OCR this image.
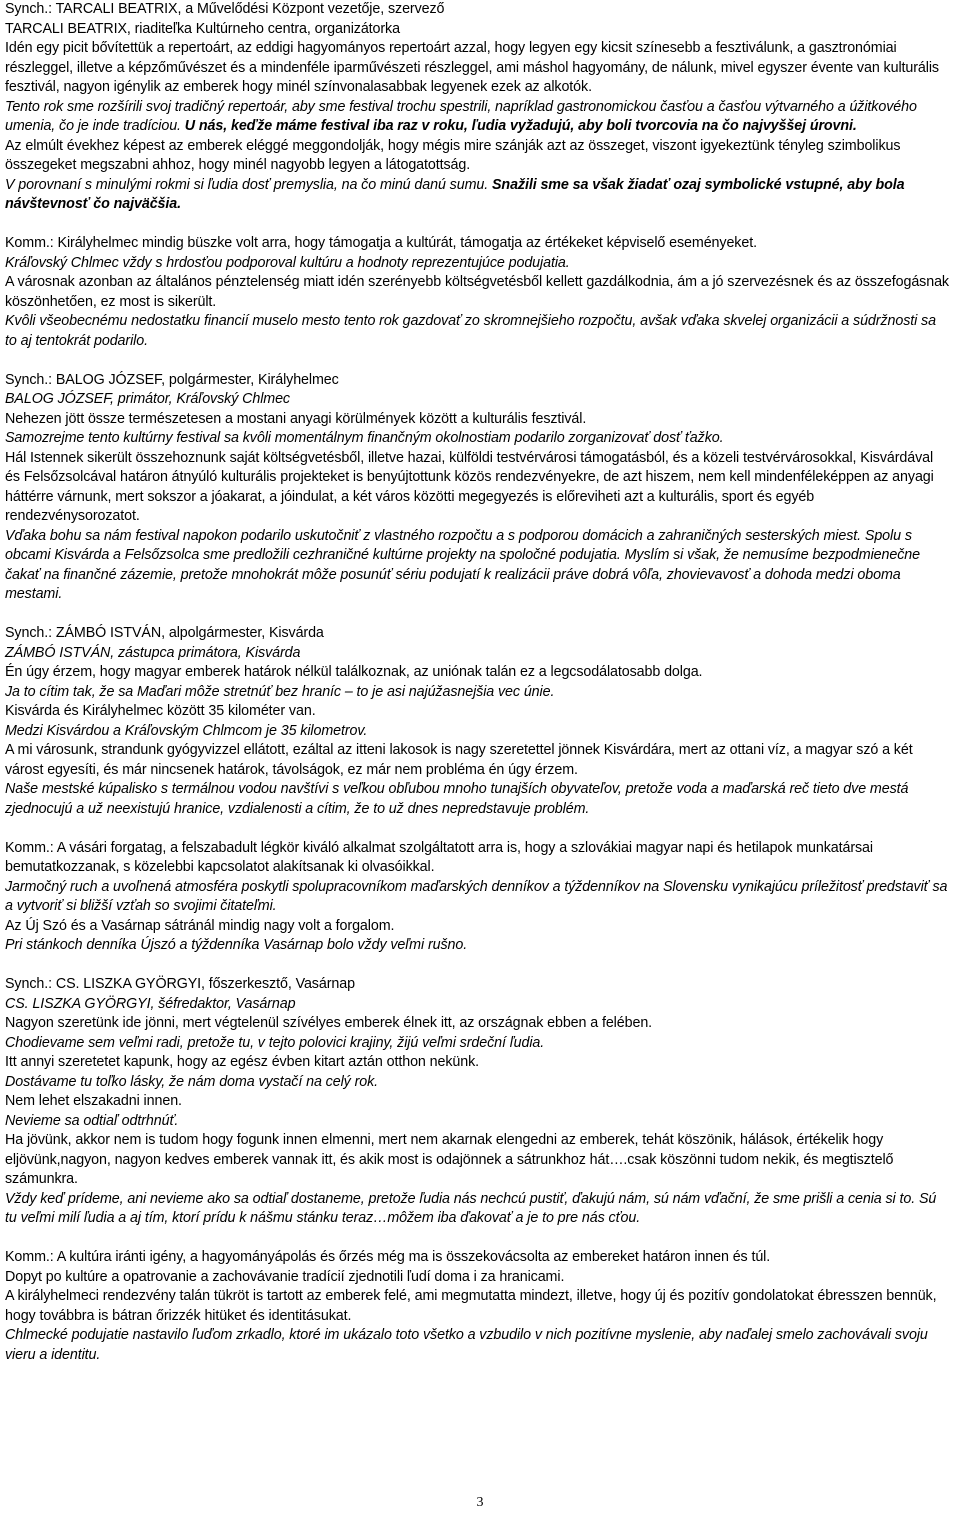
Synch.: TARCALI BEATRIX, a Művelődési Központ vezetője, szervező

TARCALI BEATRIX, riaditeľka Kultúrneho centra, organizátorka

Idén egy picit bővítettük a repertoárt, az eddigi hagyományos repertoárt azzal, hogy legyen egy kicsit színesebb a fesztiválunk, a gasztronómiai részleggel, illetve a képzőművészet és a mindenféle iparművészeti részleggel, ami máshol hagyomány, de nálunk, mivel egyszer évente van kulturális fesztivál, nagyon igénylik az emberek hogy minél színvonalasabbak legyenek ezek az alkotók.

Tento rok sme rozšírili svoj tradičný repertoár, aby sme festival trochu spestrili, napríklad gastronomickou časťou a časťou výtvarného a úžitkového umenia, čo je inde tradíciou. U nás, keďže máme festival iba raz v roku, ľudia vyžadujú, aby boli tvorcovia na čo najvyššej úrovni.

Az elmúlt évekhez képest az emberek eléggé meggondolják, hogy mégis mire szánják azt az összeget, viszont igyekeztünk tényleg szimbolikus összegeket megszabni ahhoz, hogy minél nagyobb legyen a látogatottság.

V porovnaní s minulými rokmi si ľudia dosť premyslia, na čo minú danú sumu. Snažili sme sa však žiadať ozaj symbolické vstupné, aby bola návštevnosť čo najväčšia.

Komm.: Királyhelmec mindig büszke volt arra, hogy támogatja a kultúrát, támogatja az értékeket képviselő eseményeket.

Kráľovský Chlmec vždy s hrdosťou podporoval kultúru a hodnoty reprezentujúce podujatia.

A városnak azonban az általános pénztelenség miatt idén szerényebb költségvetésből kellett gazdálkodnia, ám a jó szervezésnek és az összefogásnak köszönhetően, ez most is sikerült.

Kvôli všeobecnému nedostatku financií muselo mesto tento rok gazdovať zo skromnejšieho rozpočtu, avšak vďaka skvelej organizácii a súdržnosti sa to aj tentokrát podarilo.

Synch.: BALOG JÓZSEF, polgármester, Királyhelmec

BALOG JÓZSEF, primátor, Kráľovský Chlmec

Nehezen jött össze természetesen a mostani anyagi körülmények között a kulturális fesztivál.

Samozrejme tento kultúrny festival sa kvôli momentálnym finančným okolnostiam podarilo zorganizovať dosť ťažko.

Hál Istennek sikerült összehoznunk saját költségvetésből, illetve hazai, külföldi testvérvárosi támogatásból, és a közeli testvérvárosokkal, Kisvárdával és Felsőzsolcával határon átnyúló kulturális projekteket is benyújtottunk közös rendezvényekre, de azt hiszem, nem kell mindenféleképpen az anyagi háttérre várnunk, mert sokszor a jóakarat, a jóindulat, a két város közötti megegyezés is előreviheti azt a kulturális, sport és egyéb rendezvénysorozatot.

Vďaka bohu sa nám festival napokon podarilo uskutočniť z vlastného rozpočtu a s podporou domácich a zahraničných sesterských miest. Spolu s obcami Kisvárda a Felsőzsolca sme predložili cezhraničné kultúrne projekty na spoločné podujatia. Myslím si však, že nemusíme bezpodmienečne čakať na finančné zázemie, pretože mnohokrát môže posunúť sériu podujatí k realizácii práve dobrá vôľa, zhovievavosť a dohoda medzi oboma mestami.

Synch.: ZÁMBÓ ISTVÁN, alpolgármester, Kisvárda

ZÁMBÓ ISTVÁN, zástupca primátora, Kisvárda

Én úgy érzem, hogy magyar emberek határok nélkül találkoznak, az uniónak talán ez a legcsodálatosabb dolga.

Ja to cítim tak, že sa Maďari môže stretnúť bez hraníc – to je asi najúžasnejšia vec únie.

Kisvárda és Királyhelmec között 35 kilométer van.

Medzi Kisvárdou a Kráľovským Chlmcom je 35 kilometrov.

A mi városunk, strandunk gyógyvizzel ellátott, ezáltal az itteni lakosok is nagy szeretettel jönnek Kisvárdára, mert az ottani víz, a magyar szó a két várost egyesíti, és már nincsenek határok, távolságok, ez már nem probléma én úgy érzem.

Naše mestské kúpalisko s termálnou vodou navštívi s veľkou obľubou mnoho tunajších obyvateľov, pretože voda a maďarská reč tieto dve mestá zjednocujú a už neexistujú hranice, vzdialenosti a cítim, že to už dnes nepredstavuje problém.

Komm.: A vásári forgatag, a felszabadult légkör kiváló alkalmat szolgáltatott arra is, hogy a szlovákiai magyar napi és hetilapok munkatársai bemutatkozzanak, s közelebbi kapcsolatot alakítsanak ki olvasóikkal.

Jarmočný ruch a uvoľnená atmosféra poskytli spolupracovníkom maďarských denníkov a týždenníkov na Slovensku vynikajúcu príležitosť predstaviť sa a vytvoriť si bližší vzťah so svojimi čitateľmi.

Az Új Szó és a Vasárnap sátránál mindig nagy volt a forgalom.

Pri stánkoch denníka Újszó a týždenníka Vasárnap bolo vždy veľmi rušno.

Synch.: CS. LISZKA GYÖRGYI, főszerkesztő, Vasárnap

CS. LISZKA GYÖRGYI, šéfredaktor, Vasárnap

Nagyon szeretünk ide jönni, mert végtelenül szívélyes emberek élnek itt, az országnak ebben a felében.

Chodievame sem veľmi radi, pretože tu, v tejto polovici krajiny, žijú veľmi srdeční ľudia.

Itt annyi szeretetet kapunk, hogy az egész évben kitart aztán otthon nekünk.

Dostávame tu toľko lásky, že nám doma vystačí na celý rok.

Nem lehet elszakadni innen.

Nevieme sa odtiaľ odtrhnúť.

Ha jövünk, akkor nem is tudom hogy fogunk innen elmenni, mert nem akarnak elengedni az emberek, tehát köszönik, hálások, értékelik hogy eljövünk,nagyon, nagyon kedves emberek vannak itt, és akik most is odajönnek a sátrunkhoz hát….csak köszönni tudom nekik, és megtisztelő számunkra.

Vždy keď prídeme, ani nevieme ako sa odtiaľ dostaneme, pretože ľudia nás nechcú pustiť, ďakujú nám, sú nám vďační, že sme prišli a cenia si to. Sú tu veľmi milí ľudia a aj tím, ktorí prídu k nášmu stánku teraz…môžem iba ďakovať a je to pre nás cťou.

Komm.: A kultúra iránti igény, a hagyományápolás és őrzés még ma is összekovácsolta az embereket határon innen és túl.

Dopyt po kultúre a opatrovanie a zachovávanie tradícií zjednotili ľudí doma i za hranicami.

A királyhelmeci rendezvény talán tükröt is tartott az emberek felé, ami megmutatta mindezt, illetve, hogy új és pozitív gondolatokat ébresszen bennük, hogy továbbra is bátran őrizzék hitüket és identitásukat.

Chlmecké podujatie nastavilo ľuďom zrkadlo, ktoré im ukázalo toto všetko a vzbudilo v nich pozitívne myslenie, aby naďalej smelo zachovávali svoju vieru a identitu.

3
